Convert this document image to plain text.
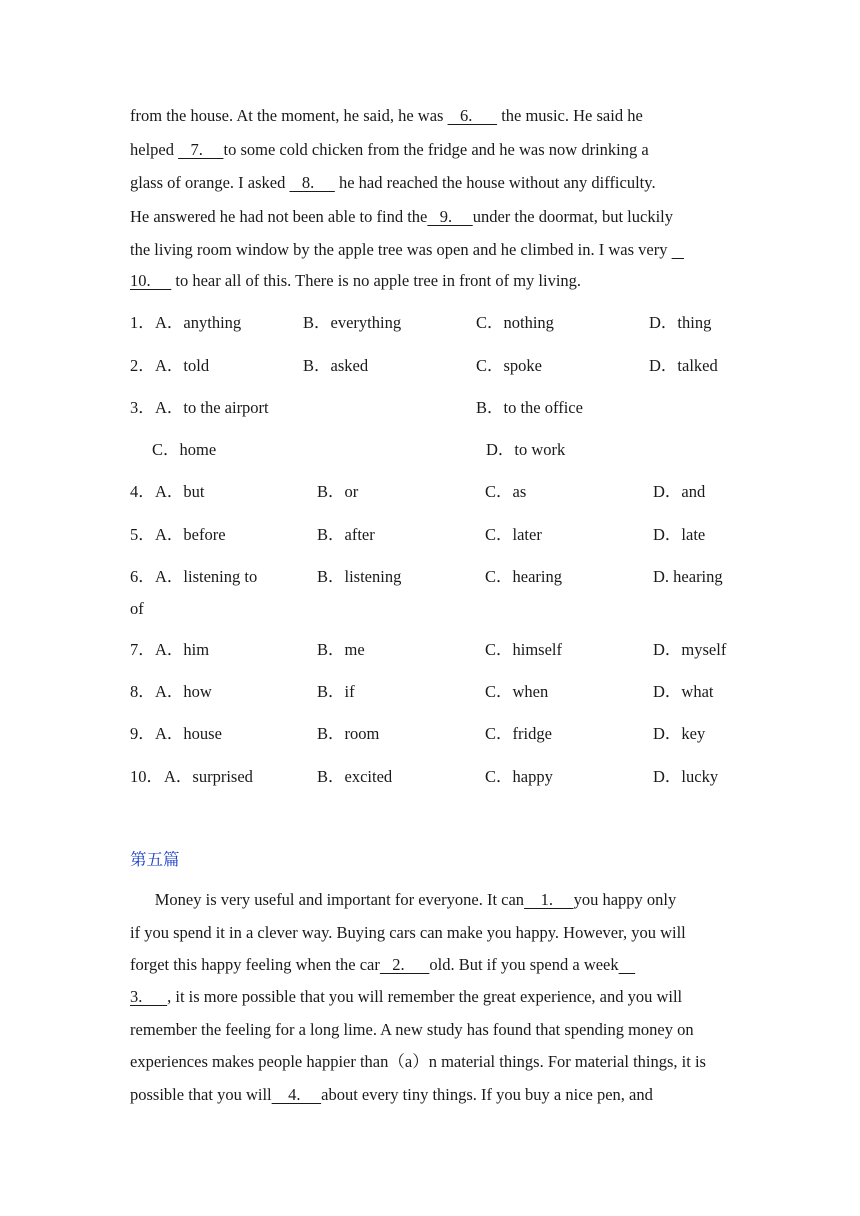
from the house. At the moment, he said, he was    6.       the music. He said he
helped    7.     to some cold chicken from the fridge and he was now drinking a
glass of orange. I asked    8.      he had reached the house without any difficulty.
He answered he had not been able to find the   9.     under the doormat, but luckily
the living room window by the apple tree was open and he climbed in. I was very
10.      to hear all of this. There is no apple tree in front of my living.
1． A．anything	B．everything	C．nothing	D．thing
2． A．told	B．asked	C．spoke	D．talked
3． A．to the airport	B．to the office
C．home	D．to work
4． A．but	B．or	C．as	D．and
5． A．before	B．after	C．later	D．late
6． A．listening to	B．listening	C．hearing	D. hearing
of
7． A．him	B．me	C．himself	D．myself
8． A．how	B．if	C．when	D．what
9． A．house	B．room	C．fridge	D．key
10． A．surprised	B．excited	C．happy	D．lucky
第五篇
Money is very useful and important for everyone. It can    1.     you happy only
if you spend it in a clever way. Buying cars can make you happy. However, you will
forget this happy feeling when the car   2.      old. But if you spend a week
3.      , it is more possible that you will remember the great experience, and you will
remember the feeling for a long lime. A new study has found that spending money on
experiences makes people happier than（a）n material things. For material things, it is
possible that you will    4.     about every tiny things. If you buy a nice pen, and
